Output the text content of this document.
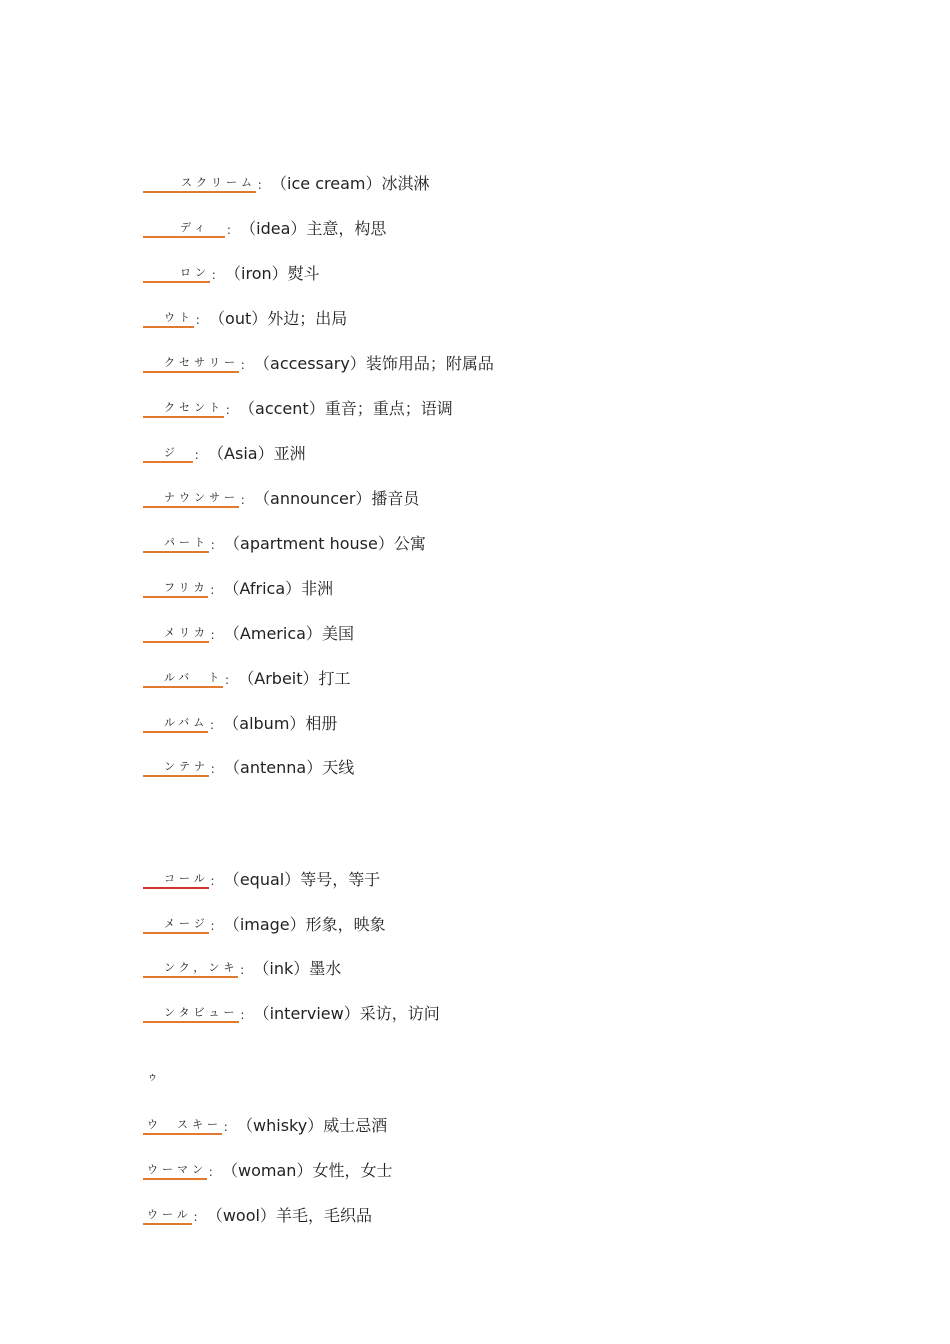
スクリーム ： （ ice cream ） 冰淇淋
ディ	： （ idea ） 主意，构思
ロン ： （ iron ） 熨斗
ウト ： （ out ） 外边；出局
クセサリー ： （ accessary ） 装饰用品；附属品
クセント ： （ accent ） 重音；重点；语调
ジ	： （ Asia ） 亚洲
ナウンサー ： （ announcer ） 播音员
パート ： （ apartment house ） 公寓
フリカ ： （ Africa ） 非洲
メリカ ： （ America ） 美国
ルバ　ト ： （ Arbeit ） 打工
ルバム ： （ album ） 相册
ンテナ ： （ antenna ） 天线
コール ： （ equal ） 等号，等于
メージ ： （ image ） 形象，映象
ンク，ンキ ： （ ink ） 墨水
ンタビュー ： （ interview ） 采访，访问
ゥ
ウ　スキー ： （ whisky ） 威士忌酒
ウーマン ： （ woman ） 女性，女士
ウール ： （ wool ） 羊毛，毛织品
